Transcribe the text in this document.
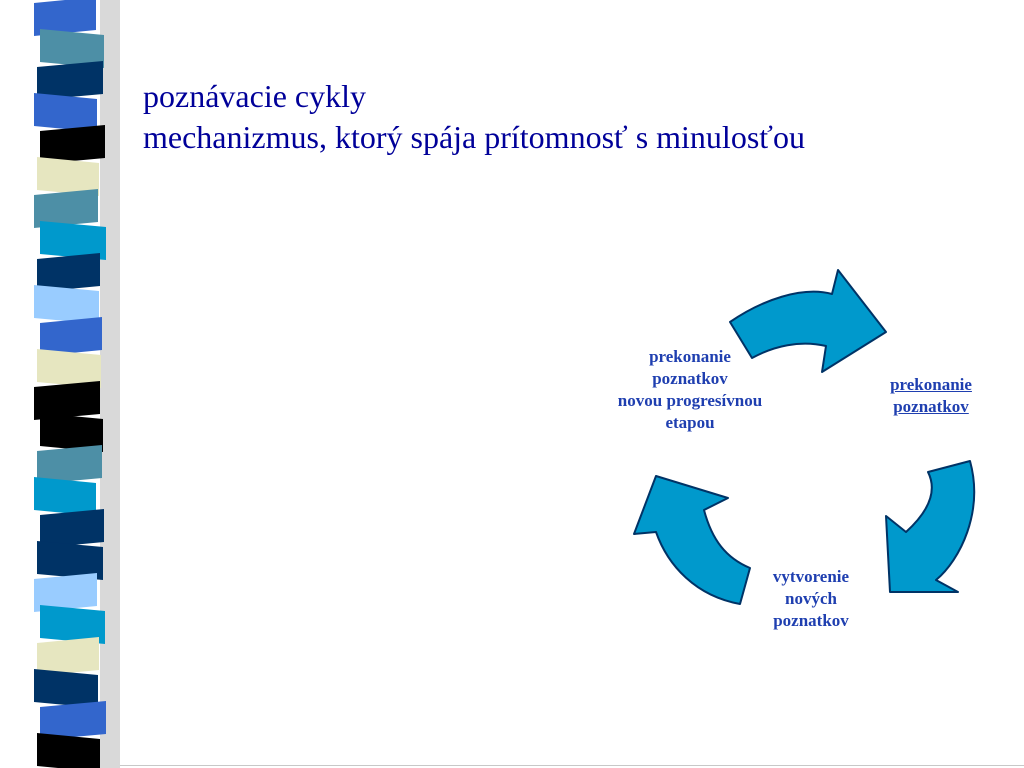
poznávacie cykly
mechanizmus, ktorý spája prítomnosť s minulosťou
prekonanie
poznatkov
novou progresívnou
etapou
prekonanie
poznatkov
vytvorenie
nových
poznatkov
